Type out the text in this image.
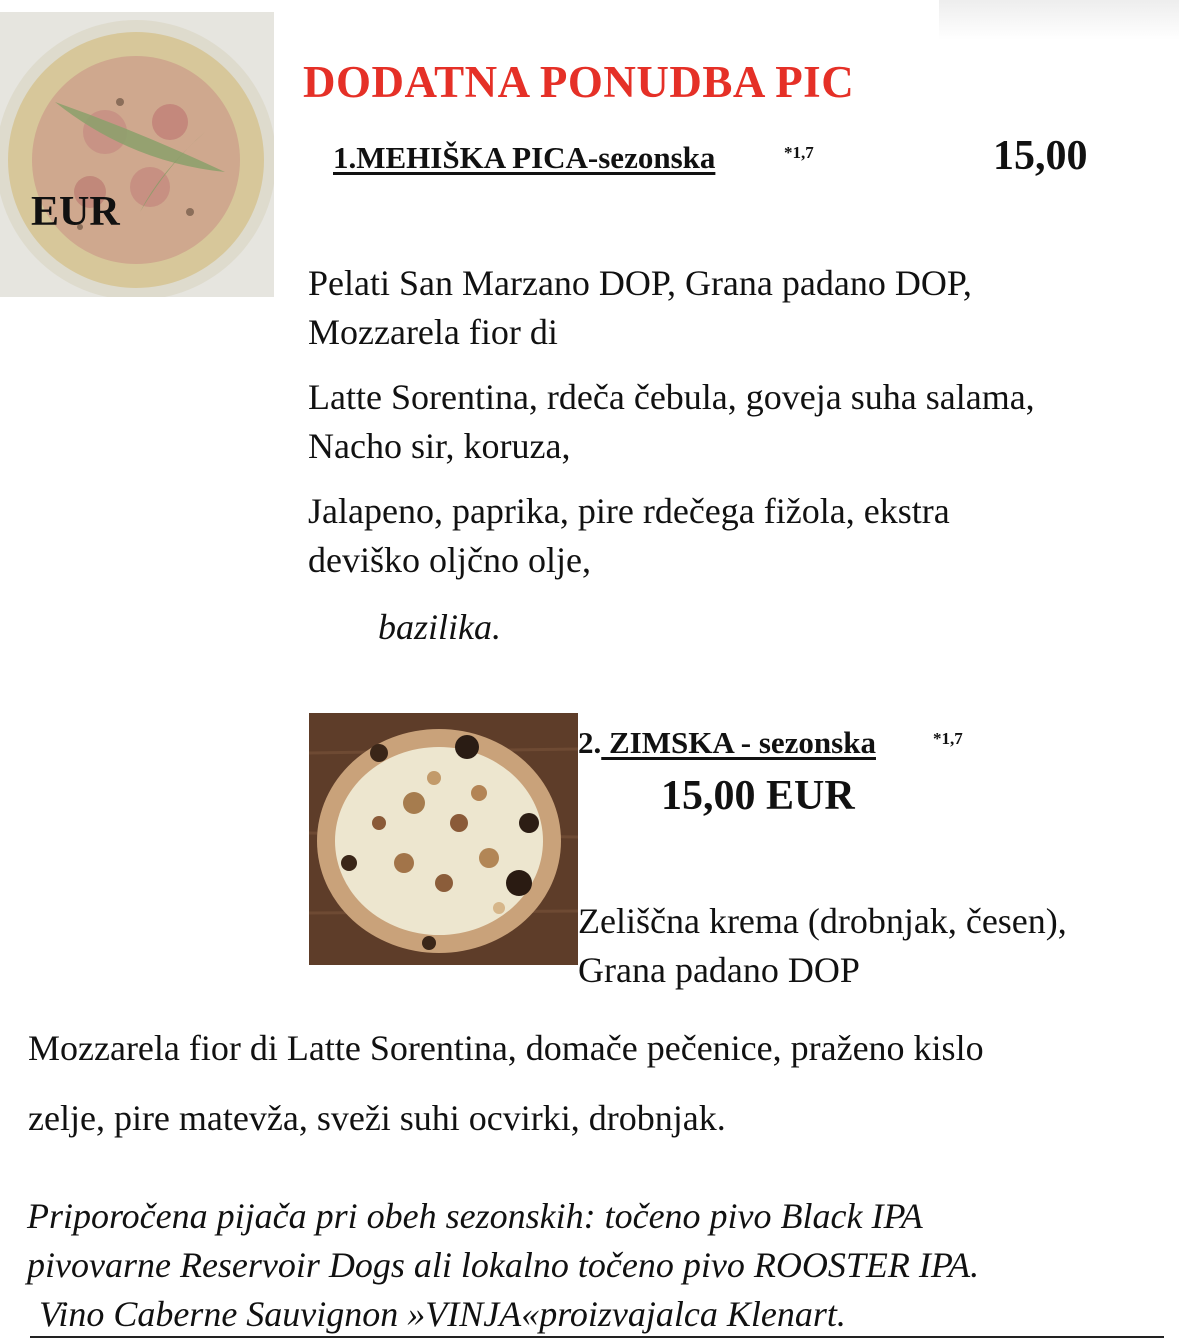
DODATNA PONUDBA PIC
1.MEHIŠKA PICA-sezonska	*1,7	15,00
EUR
Pelati San Marzano DOP, Grana padano DOP,
Mozzarela fior di
Latte Sorentina, rdeča čebula, goveja suha salama,
Nacho sir, koruza,
Jalapeno, paprika, pire rdečega fižola, ekstra
deviško oljčno olje,
bazilika.
2. ZIMSKA - sezonska	*1,7
15,00 EUR
Zeliščna krema (drobnjak, česen),
Grana padano DOP
Mozzarela fior di Latte Sorentina, domače pečenice, praženo kislo
zelje, pire matevža, sveži suhi ocvirki, drobnjak.
Priporočena pijača pri obeh sezonskih: točeno pivo Black IPA
pivovarne Reservoir Dogs ali lokalno točeno pivo ROOSTER IPA.
Vino Caberne Sauvignon »VINJA«proizvajalca Klenart.
